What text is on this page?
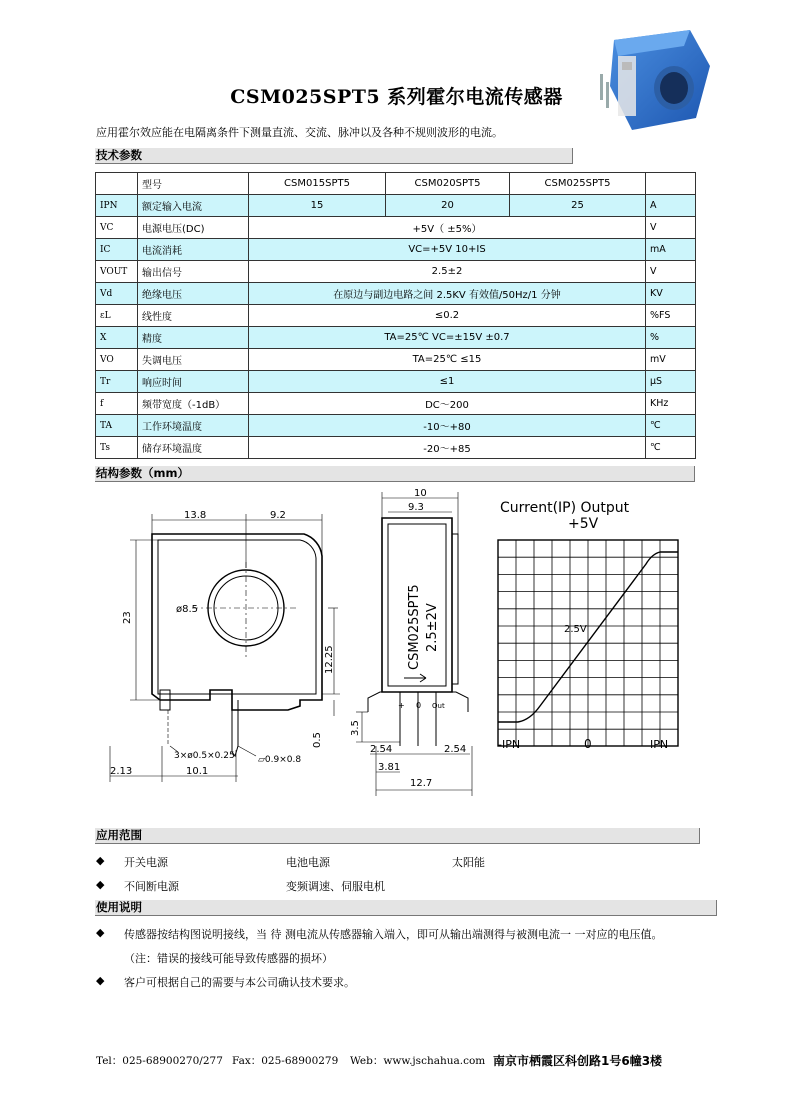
CSM025SPT5 系列霍尔电流传感器
应用霍尔效应能在电隔离条件下测量直流、交流、脉冲以及各种不规则波形的电流。
技术参数
	型号	CSM015SPT5	CSM020SPT5	CSM025SPT5	
IPN	额定输入电流	15	20	25	A
VC	电源电压(DC)	+5V（ ±5%）			V
IC	电流消耗	VC=+5V 10+IS			mA
VOUT	输出信号	2.5±2			V
Vd	绝缘电压	在原边与副边电路之间 2.5KV 有效值/50Hz/1 分钟			KV
εL	线性度	≤0.2			%FS
X	精度	TA=25℃ VC=±15V ±0.7			%
VO	失调电压	TA=25℃ ≤15			mV
Tr	响应时间	≤1			μS
f	频带宽度（-1dB）	DC～200			KHz
TA	工作环境温度	-10～+80			℃
Ts	储存环境温度	-20～+85			℃
结构参数（mm）
13.8	9.2
23
ø8.5
12.25
0.5
3×ø0.5×0.25	▱0.9×0.8
2.13	10.1
10
9.3
3.5
2.54	2.54
3.81
12.7
CSM025SPT5 2.5±2V
+ 0 Out
Current(IP) Output
+5V
2.5V
-IPN	0	IPN
应用范围
◆ 开关电源	电池电源	太阳能
◆ 不间断电源	变频调速、伺服电机
使用说明
◆ 传感器按结构图说明接线，当 待 测电流从传感器输入端入，即可从输出端测得与被测电流一 一对应的电压值。
（注：错误的接线可能导致传感器的损坏）
◆ 客户可根据自己的需要与本公司确认技术要求。
Tel：025-68900270/277 Fax：025-68900279 Web：www.jschahua.com 南京市栖霞区科创路1号6幢3楼
